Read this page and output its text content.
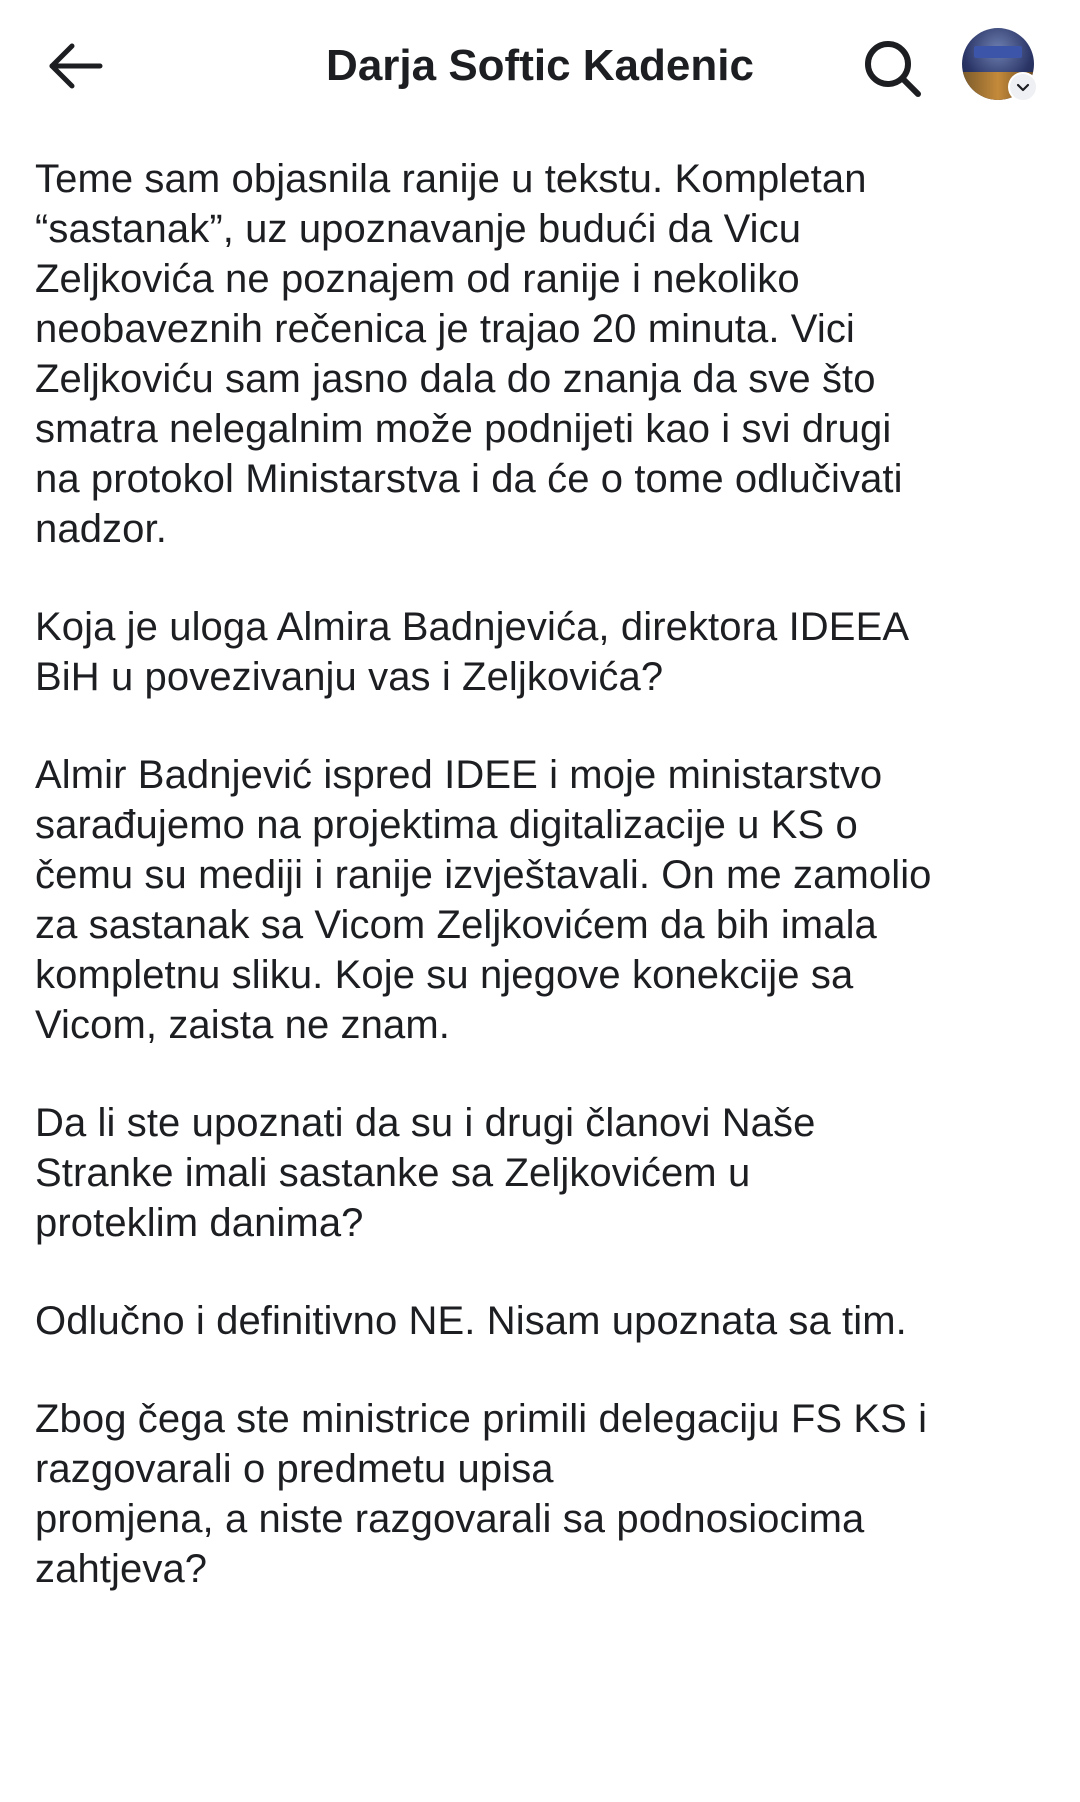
Darja Softic Kadenic

Teme sam objasnila ranije u tekstu. Kompletan
“sastanak”, uz upoznavanje budući da Vicu
Zeljkovića ne poznajem od ranije i nekoliko
neobaveznih rečenica je trajao 20 minuta. Vici
Zeljkoviću sam jasno dala do znanja da sve što
smatra nelegalnim može podnijeti kao i svi drugi
na protokol Ministarstva i da će o tome odlučivati
nadzor.

Koja je uloga Almira Badnjevića, direktora IDEEA
BiH u povezivanju vas i Zeljkovića?

Almir Badnjević ispred IDEE i moje ministarstvo
sarađujemo na projektima digitalizacije u KS o
čemu su mediji i ranije izvještavali. On me zamolio
za sastanak sa Vicom Zeljkovićem da bih imala
kompletnu sliku. Koje su njegove konekcije sa
Vicom, zaista ne znam.

Da li ste upoznati da su i drugi članovi Naše
Stranke imali sastanke sa Zeljkovićem u
proteklim danima?

Odlučno i definitivno NE. Nisam upoznata sa tim.

Zbog čega ste ministrice primili delegaciju FS KS i
razgovarali o predmetu upisa
promjena, a niste razgovarali sa podnosiocima
zahtjeva?
